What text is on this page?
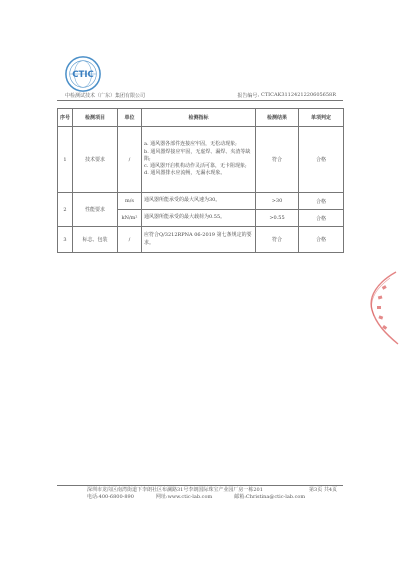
CTIC
中检测试技术（广东）集团有限公司	报告编号: CTICAK3112421220605658R
序号	检测项目	单位	检测指标	检测结果	单项判定
1	技术要求	/	a. 通风器各部件连接应牢固，无松动现象;

b. 通风器焊接应牢固，无虚焊、漏焊、夹渣等缺陷;

c. 通风器开启机构动作灵活可靠，无卡阻现象;

d. 通风器排水应流畅，无漏水现象。	符合	合格
2	性能要求	m/s	通风器所能承受的最大风速为30。	>30	合格
		kN/m²	通风器所能承受的最大载荷为0.55。	>0.55	合格
3	标志、包装	/	应符合Q/3212RPNA 06-2019 第七条规定的要求。	符合	合格
深圳市龙岗区南湾街道下李朗社区布澜路31号李朗国际珠宝产业园厂房一栋201	第3页 共4页
电话:400-6800-890	网址:www.ctic-lab.com	邮箱:Christina@ctic-lab.com
